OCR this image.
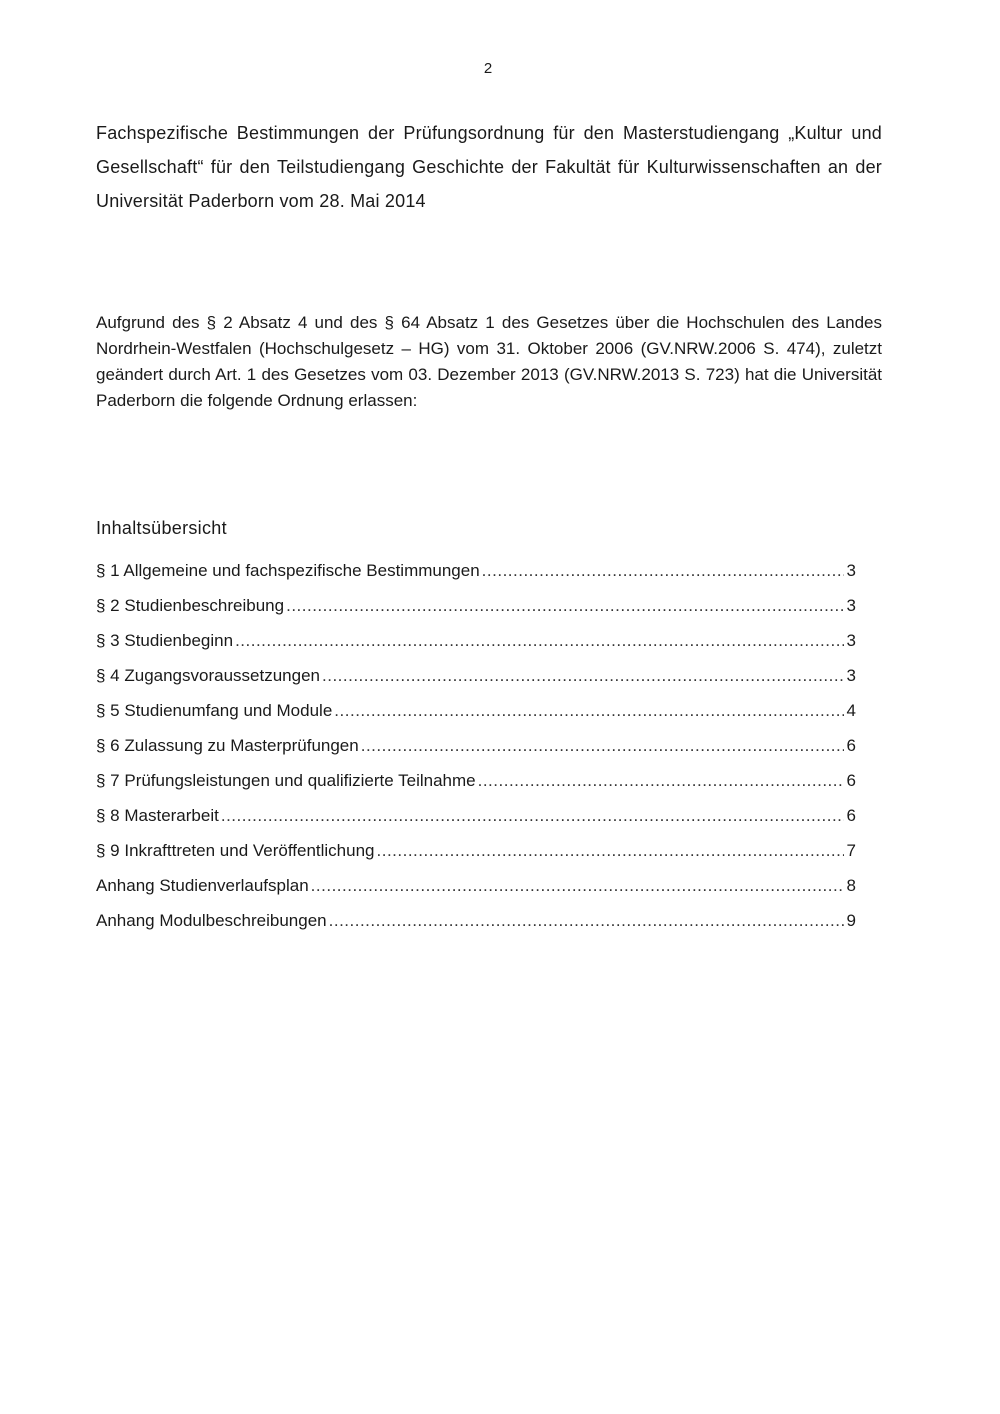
2
Fachspezifische Bestimmungen der Prüfungsordnung für den Masterstudiengang „Kultur und Gesellschaft“ für den Teilstudiengang Geschichte der Fakultät für Kulturwissenschaften an der Universität Paderborn vom 28. Mai 2014
Aufgrund des § 2 Absatz 4 und des § 64 Absatz 1 des Gesetzes über die Hochschulen des Landes Nordrhein-Westfalen (Hochschulgesetz – HG) vom 31. Oktober 2006 (GV.NRW.2006 S. 474), zuletzt geändert durch Art. 1 des Gesetzes vom 03. Dezember 2013 (GV.NRW.2013 S. 723) hat die Universität Paderborn die folgende Ordnung erlassen:
Inhaltsübersicht
§ 1 Allgemeine und fachspezifische Bestimmungen .....	3
§ 2 Studienbeschreibung .....	3
§ 3 Studienbeginn .....	3
§ 4 Zugangsvoraussetzungen .....	3
§ 5 Studienumfang und Module .....	4
§ 6 Zulassung zu Masterprüfungen .....	6
§ 7 Prüfungsleistungen und qualifizierte Teilnahme .....	6
§ 8 Masterarbeit .....	6
§ 9 Inkrafttreten und Veröffentlichung .....	7
Anhang Studienverlaufsplan .....	8
Anhang Modulbeschreibungen .....	9
